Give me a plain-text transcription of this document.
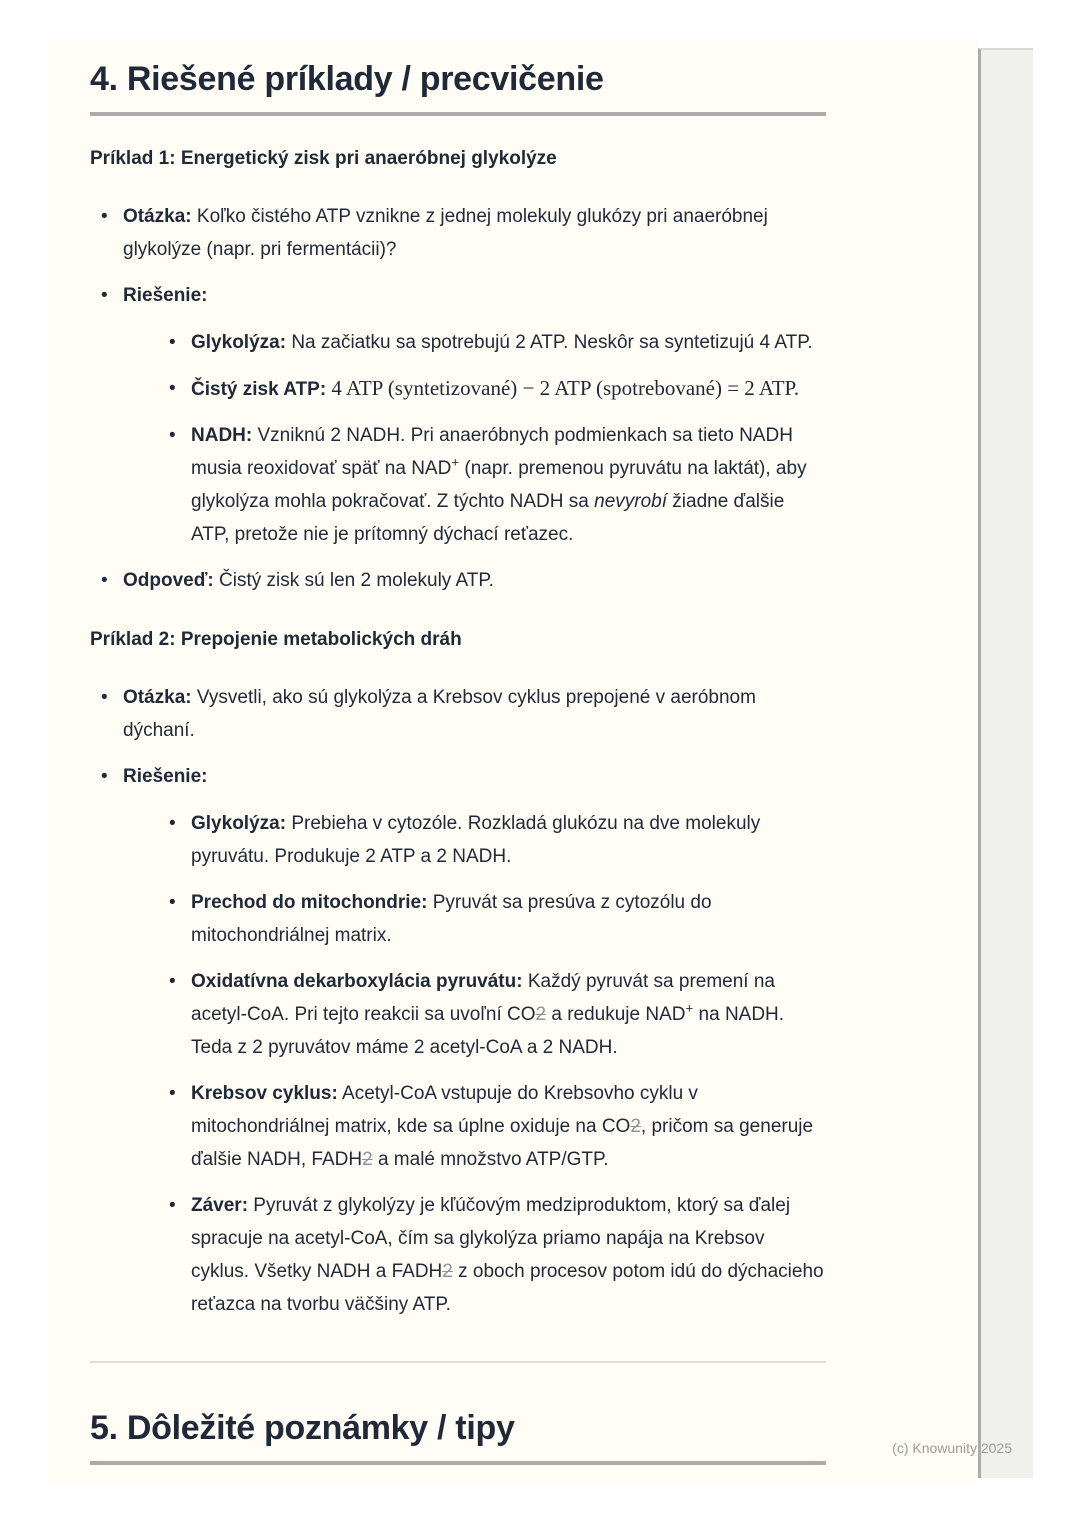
4. Riešené príklady / precvičenie
Príklad 1: Energetický zisk pri anaeróbnej glykolýze
• Otázka: Koľko čistého ATP vznikne z jednej molekuly glukózy pri anaeróbnej glykolýze (napr. pri fermentácii)?
• Riešenie:
• Glykolýza: Na začiatku sa spotrebujú 2 ATP. Neskôr sa syntetizujú 4 ATP.
• Čistý zisk ATP: 4 ATP (syntetizované) − 2 ATP (spotrebované) = 2 ATP.
• NADH: Vzniknú 2 NADH. Pri anaeróbnych podmienkach sa tieto NADH musia reoxidovať späť na NAD+ (napr. premenou pyruvátu na laktát), aby glykolýza mohla pokračovať. Z týchto NADH sa nevyrobí žiadne ďalšie ATP, pretože nie je prítomný dýchací reťazec.
• Odpoveď: Čistý zisk sú len 2 molekuly ATP.
Príklad 2: Prepojenie metabolických dráh
• Otázka: Vysvetli, ako sú glykolýza a Krebsov cyklus prepojené v aeróbnom dýchaní.
• Riešenie:
• Glykolýza: Prebieha v cytozóle. Rozkladá glukózu na dve molekuly pyruvátu. Produkuje 2 ATP a 2 NADH.
• Prechod do mitochondrie: Pyruvát sa presúva z cytozólu do mitochondriálnej matrix.
• Oxidatívna dekarboxylácia pyruvátu: Každý pyruvát sa premení na acetyl-CoA. Pri tejto reakcii sa uvoľní CO2 a redukuje NAD+ na NADH. Teda z 2 pyruvátov máme 2 acetyl-CoA a 2 NADH.
• Krebsov cyklus: Acetyl-CoA vstupuje do Krebsovho cyklu v mitochondriálnej matrix, kde sa úplne oxiduje na CO2, pričom sa generuje ďalšie NADH, FADH2 a malé množstvo ATP/GTP.
• Záver: Pyruvát z glykolýzy je kľúčovým medziproduktom, ktorý sa ďalej spracuje na acetyl-CoA, čím sa glykolýza priamo napája na Krebsov cyklus. Všetky NADH a FADH2 z oboch procesov potom idú do dýchacieho reťazca na tvorbu väčšiny ATP.
5. Dôležité poznámky / tipy
(c) Knowunity 2025
